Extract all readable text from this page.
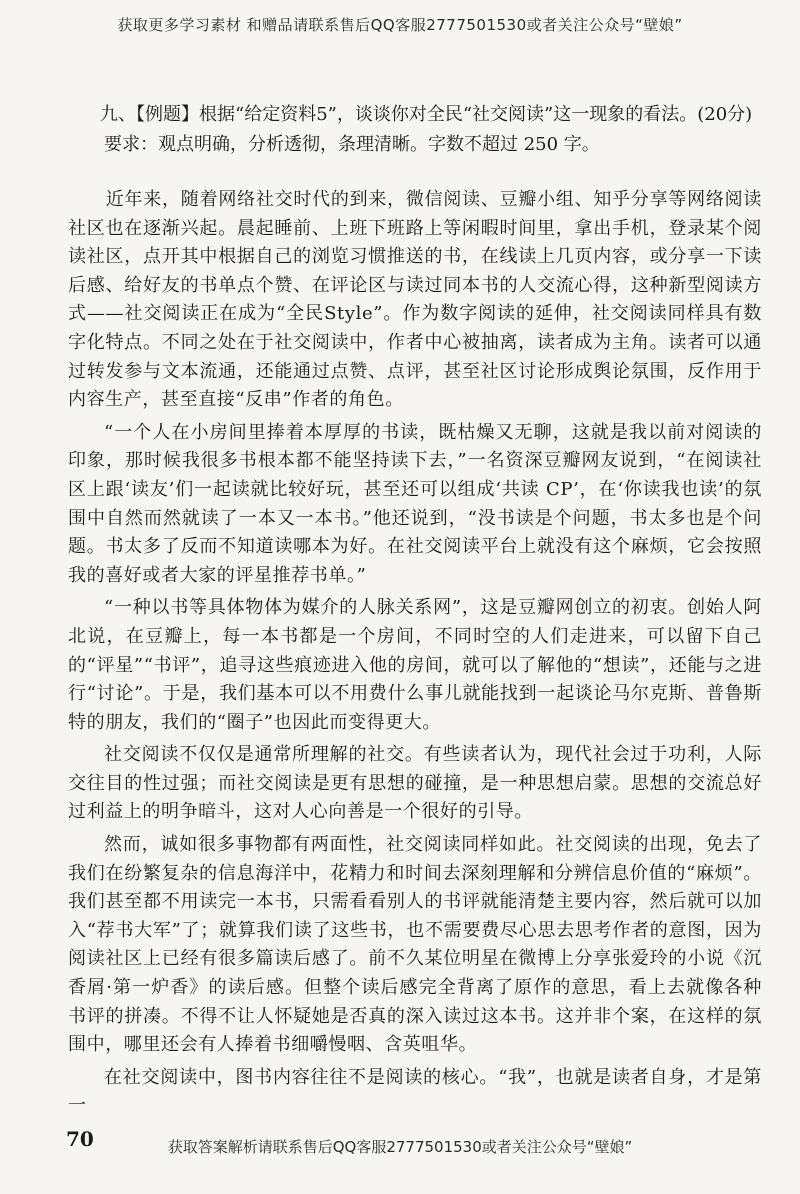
获取更多学习素材 和赠品请联系售后QQ客服2777501530或者关注公众号“壁娘”
九、【例题】根据“给定资料5”，谈谈你对全民“社交阅读”这一现象的看法。(20分)
要求：观点明确，分析透彻，条理清晰。字数不超过 250 字。

近年来，随着网络社交时代的到来，微信阅读、豆瓣小组、知乎分享等网络阅读社区也在逐渐兴起。晨起睡前、上班下班路上等闲暇时间里，拿出手机，登录某个阅读社区，点开其中根据自己的浏览习惯推送的书，在线读上几页内容，或分享一下读后感、给好友的书单点个赞、在评论区与读过同本书的人交流心得，这种新型阅读方式——社交阅读正在成为“全民Style”。作为数字阅读的延伸，社交阅读同样具有数字化特点。不同之处在于社交阅读中，作者中心被抽离，读者成为主角。读者可以通过转发参与文本流通，还能通过点赞、点评，甚至社区讨论形成舆论氛围，反作用于内容生产，甚至直接“反串”作者的角色。

“一个人在小房间里捧着本厚厚的书读，既枯燥又无聊，这就是我以前对阅读的印象，那时候我很多书根本都不能坚持读下去，”一名资深豆瓣网友说到，“在阅读社区上跟‘读友’们一起读就比较好玩，甚至还可以组成‘共读 CP’，在‘你读我也读’的氛围中自然而然就读了一本又一本书。”他还说到，“没书读是个问题，书太多也是个问题。书太多了反而不知道读哪本为好。在社交阅读平台上就没有这个麻烦，它会按照我的喜好或者大家的评星推荐书单。”

“一种以书等具体物体为媒介的人脉关系网”，这是豆瓣网创立的初衷。创始人阿北说，在豆瓣上，每一本书都是一个房间，不同时空的人们走进来，可以留下自己的“评星”“书评”，追寻这些痕迹进入他的房间，就可以了解他的“想读”，还能与之进行“讨论”。于是，我们基本可以不用费什么事儿就能找到一起谈论马尔克斯、普鲁斯特的朋友，我们的“圈子”也因此而变得更大。

社交阅读不仅仅是通常所理解的社交。有些读者认为，现代社会过于功利，人际交往目的性过强；而社交阅读是更有思想的碰撞，是一种思想启蒙。思想的交流总好过利益上的明争暗斗，这对人心向善是一个很好的引导。

然而，诚如很多事物都有两面性，社交阅读同样如此。社交阅读的出现，免去了我们在纷繁复杂的信息海洋中，花精力和时间去深刻理解和分辨信息价值的“麻烦”。我们甚至都不用读完一本书，只需看看别人的书评就能清楚主要内容，然后就可以加入“荐书大军”了；就算我们读了这些书，也不需要费尽心思去思考作者的意图，因为阅读社区上已经有很多篇读后感了。前不久某位明星在微博上分享张爱玲的小说《沉香屑·第一炉香》的读后感。但整个读后感完全背离了原作的意思，看上去就像各种书评的拼凑。不得不让人怀疑她是否真的深入读过这本书。这并非个案，在这样的氛围中，哪里还会有人捧着书细嚼慢咽、含英咀华。

在社交阅读中，图书内容往往不是阅读的核心。“我”，也就是读者自身，才是第一

70	获取答案解析请联系售后QQ客服2777501530或者关注公众号“壁娘”
